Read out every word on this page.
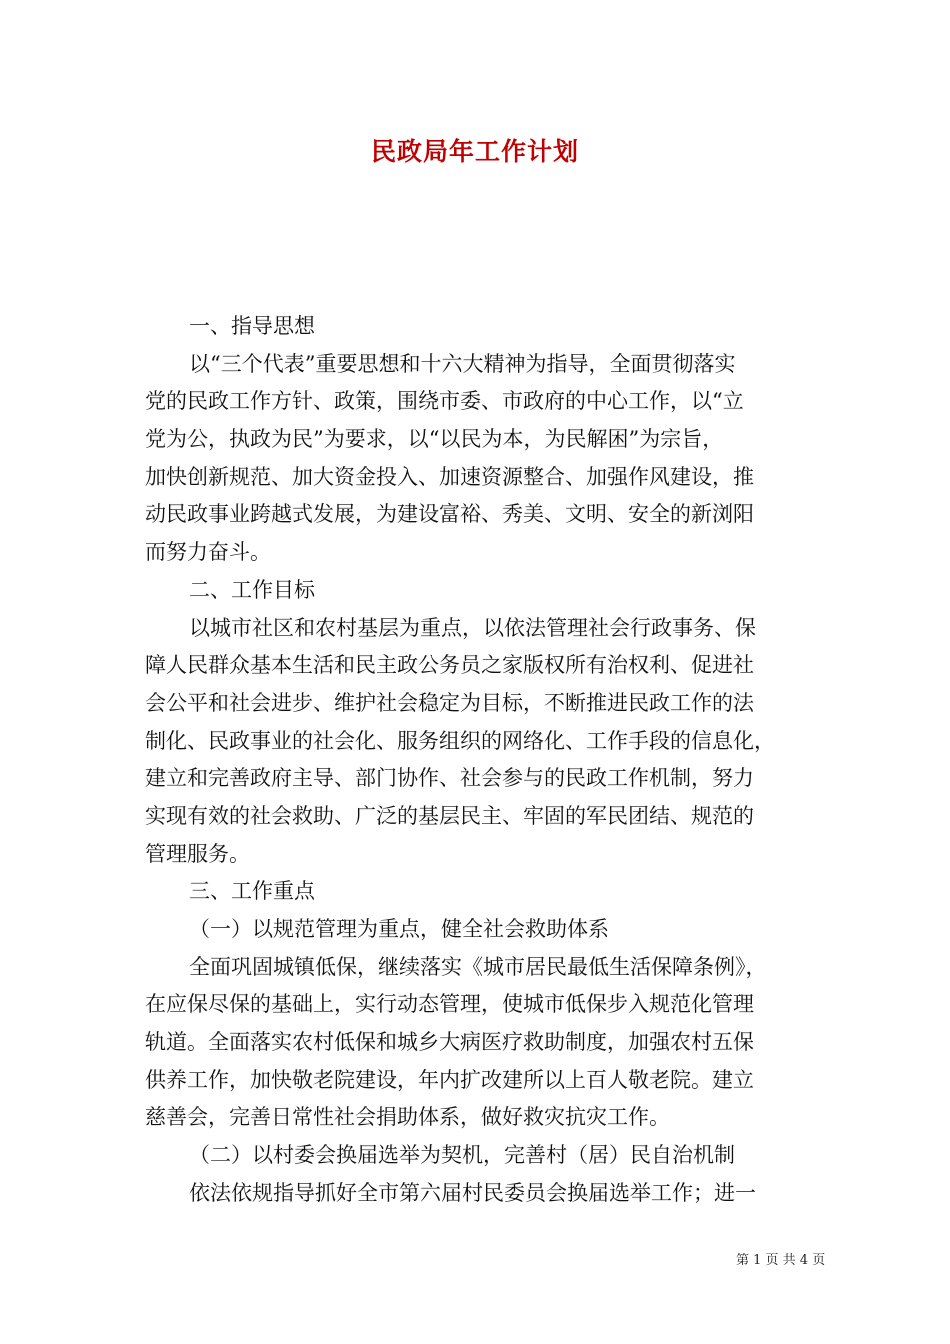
民政局年工作计划
一、指导思想
以“三个代表”重要思想和十六大精神为指导，全面贯彻落实
党的民政工作方针、政策，围绕市委、市政府的中心工作，以“立
党为公，执政为民”为要求，以“以民为本，为民解困”为宗旨，
加快创新规范、加大资金投入、加速资源整合、加强作风建设，推
动民政事业跨越式发展，为建设富裕、秀美、文明、安全的新浏阳
而努力奋斗。
二、工作目标
以城市社区和农村基层为重点，以依法管理社会行政事务、保
障人民群众基本生活和民主政公务员之家版权所有治权利、促进社
会公平和社会进步、维护社会稳定为目标，不断推进民政工作的法
制化、民政事业的社会化、服务组织的网络化、工作手段的信息化，
建立和完善政府主导、部门协作、社会参与的民政工作机制，努力
实现有效的社会救助、广泛的基层民主、牢固的军民团结、规范的
管理服务。
三、工作重点
（一）以规范管理为重点，健全社会救助体系
全面巩固城镇低保，继续落实《城市居民最低生活保障条例》，
在应保尽保的基础上，实行动态管理，使城市低保步入规范化管理
轨道。全面落实农村低保和城乡大病医疗救助制度，加强农村五保
供养工作，加快敬老院建设，年内扩改建所以上百人敬老院。建立
慈善会，完善日常性社会捐助体系，做好救灾抗灾工作。
（二）以村委会换届选举为契机，完善村（居）民自治机制
依法依规指导抓好全市第六届村民委员会换届选举工作；进一
第 1 页 共 4 页
